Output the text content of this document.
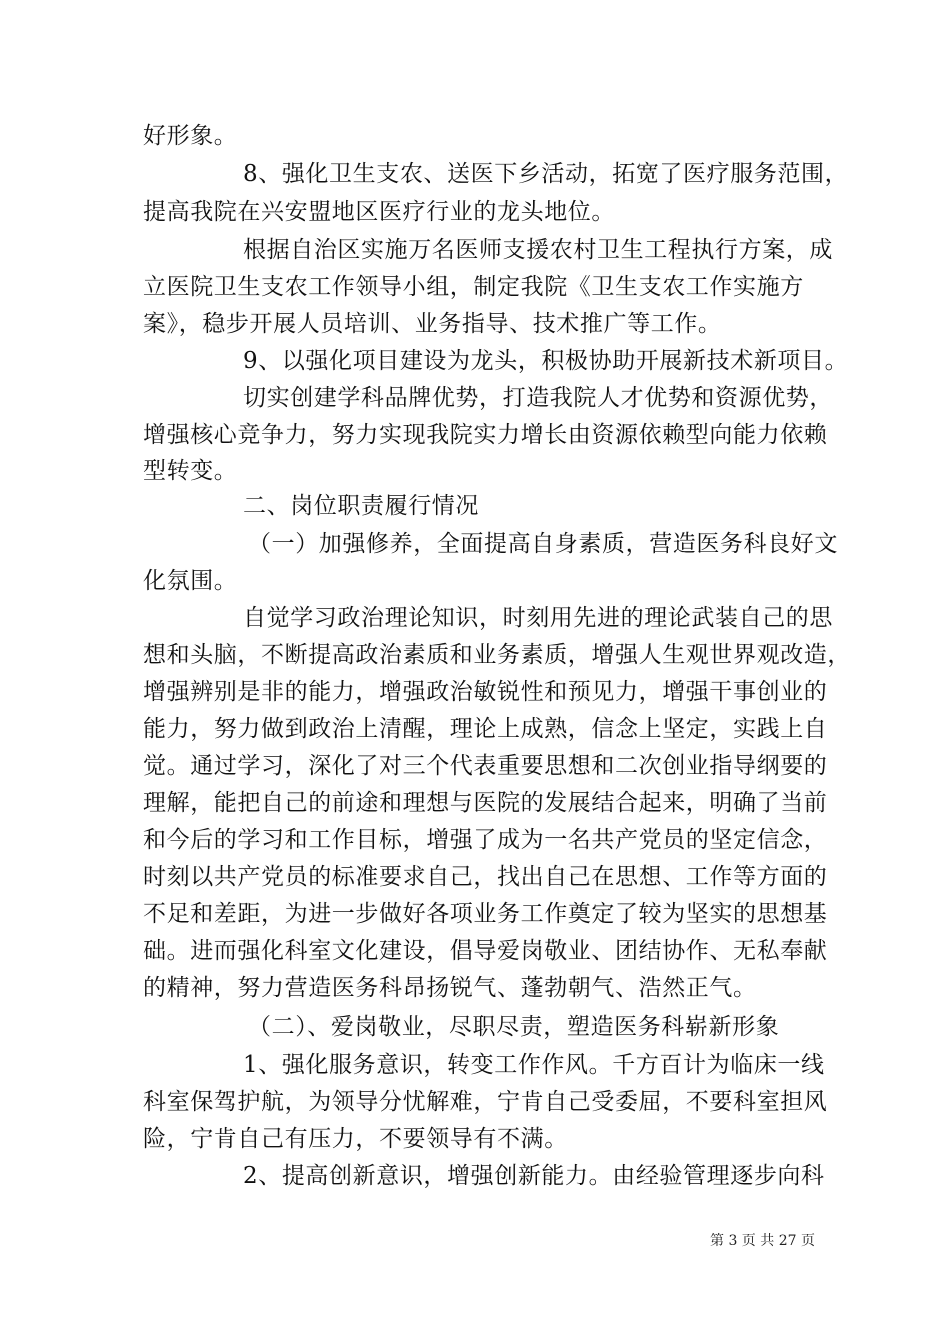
好形象。
8、强化卫生支农、送医下乡活动，拓宽了医疗服务范围，
提高我院在兴安盟地区医疗行业的龙头地位。
根据自治区实施万名医师支援农村卫生工程执行方案，成
立医院卫生支农工作领导小组，制定我院《卫生支农工作实施方
案》，稳步开展人员培训、业务指导、技术推广等工作。
9、以强化项目建设为龙头，积极协助开展新技术新项目。
切实创建学科品牌优势，打造我院人才优势和资源优势，
增强核心竞争力，努力实现我院实力增长由资源依赖型向能力依赖
型转变。
二、岗位职责履行情况
（一）加强修养，全面提高自身素质，营造医务科良好文
化氛围。
自觉学习政治理论知识，时刻用先进的理论武装自己的思
想和头脑，不断提高政治素质和业务素质，增强人生观世界观改造，
增强辨别是非的能力，增强政治敏锐性和预见力，增强干事创业的
能力，努力做到政治上清醒，理论上成熟，信念上坚定，实践上自
觉。通过学习，深化了对三个代表重要思想和二次创业指导纲要的
理解，能把自己的前途和理想与医院的发展结合起来，明确了当前
和今后的学习和工作目标，增强了成为一名共产党员的坚定信念，
时刻以共产党员的标准要求自己，找出自己在思想、工作等方面的
不足和差距，为进一步做好各项业务工作奠定了较为坚实的思想基
础。进而强化科室文化建设，倡导爱岗敬业、团结协作、无私奉献
的精神，努力营造医务科昂扬锐气、蓬勃朝气、浩然正气。
（二）、爱岗敬业，尽职尽责，塑造医务科崭新形象
1、强化服务意识，转变工作作风。千方百计为临床一线
科室保驾护航，为领导分忧解难，宁肯自己受委屈，不要科室担风
险，宁肯自己有压力，不要领导有不满。
2、提高创新意识，增强创新能力。由经验管理逐步向科
第 3 页 共 27 页
